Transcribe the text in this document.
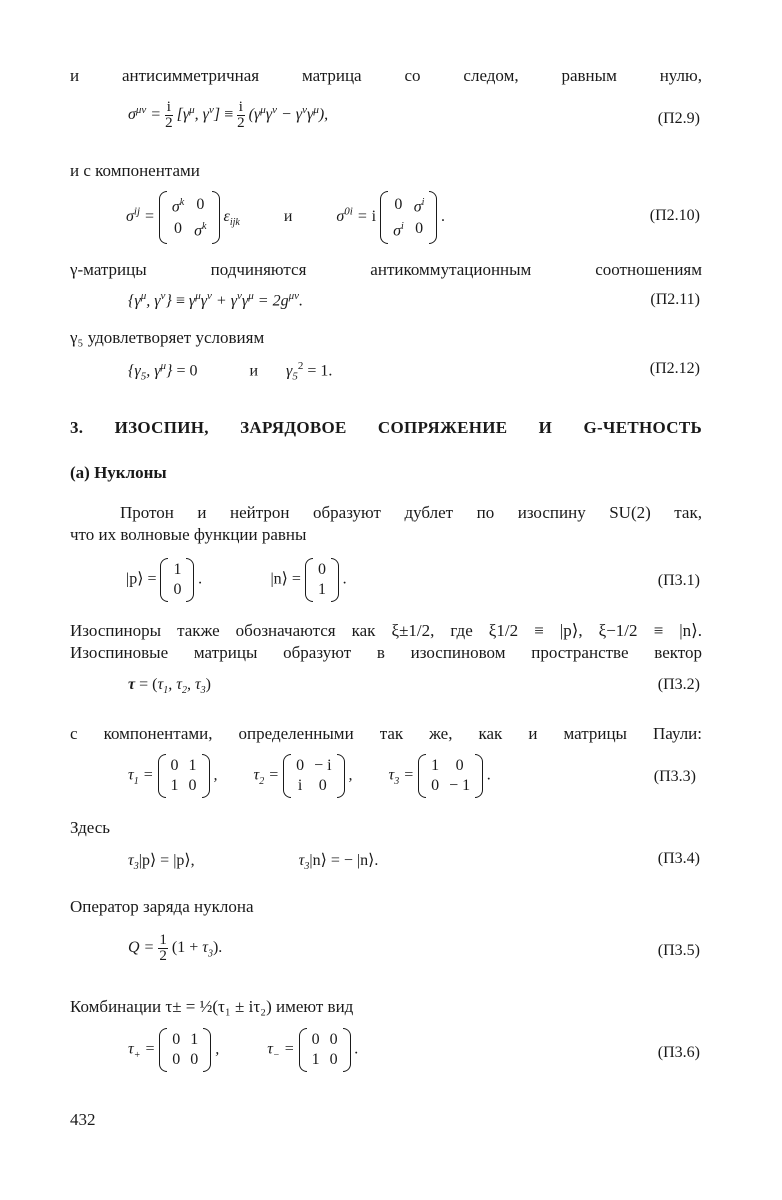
и антисимметричная матрица со следом, равным нулю,
$\sigma^{\mu\nu} = \frac{i}{2} [\gamma^\mu$, $\gamma^\nu] \equiv \frac{i}{2} (\gamma^\mu\gamma^\nu - \gamma^\nu\gamma^\mu)$,	(П2.9)
и с компонентами
$\sigma^{ij}$ =
$\sigma^k$	0
0	$\sigma^k$
$\varepsilon_{ijk}$	и	$\sigma^{0i} = i$
0	$\sigma^i$
$\sigma^i$	0
.	(П2.10)
γ-матрицы подчиняются антикоммутационным соотношениям
{$\gamma^\mu$, $\gamma^\nu\} \equiv \gamma^\mu\gamma^\nu + \gamma^\nu\gamma^\mu = 2g^{\mu\nu}$.	(П2.11)
γ₅ удовлетворяет условиям
{$\gamma_5$, $\gamma^\mu\} = 0$	и $\gamma_5^2 = 1$.	(П2.12)
3. ИЗОСПИН, ЗАРЯДОВОЕ СОПРЯЖЕНИЕ И G-ЧЕТНОСТЬ
(а) Нуклоны
Протон и нейтрон образуют дублет по изоспину SU(2) так,
что их волновые функции равны
|p⟩ =
1
0
.	|n⟩ =
0
1
.	(П3.1)
Изоспиноры также обозначаются как ξ±1/2, где ξ1/2 ≡ |p⟩, ξ−1/2 ≡ |n⟩.
Изоспиновые матрицы образуют в изоспиновом пространстве вектор
$\tau = (\tau_1$, $\tau_2$, $\tau_3$)	(П3.2)
с компонентами, определенными так же, как и матрицы Паули:
$\tau_1$ =
0	1
1	0
,  $\tau_2$ =
0	− i
i	0
,  $\tau_3$ =
1	0
0	− 1
.	(П3.3)
Здесь
$\tau_3|p⟩$ = |p⟩,	$\tau_3|n⟩$ = − |n⟩.	(П3.4)
Оператор заряда нуклона
$Q = \frac{1}{2} (1 + \tau_3)$.	(П3.5)
Комбинации τ± = ½(τ₁ ± iτ₂) имеют вид
$\tau_+$ =
0	1
0	0
,	$\tau_-$ =
0	0
1	0
.	(П3.6)
432
